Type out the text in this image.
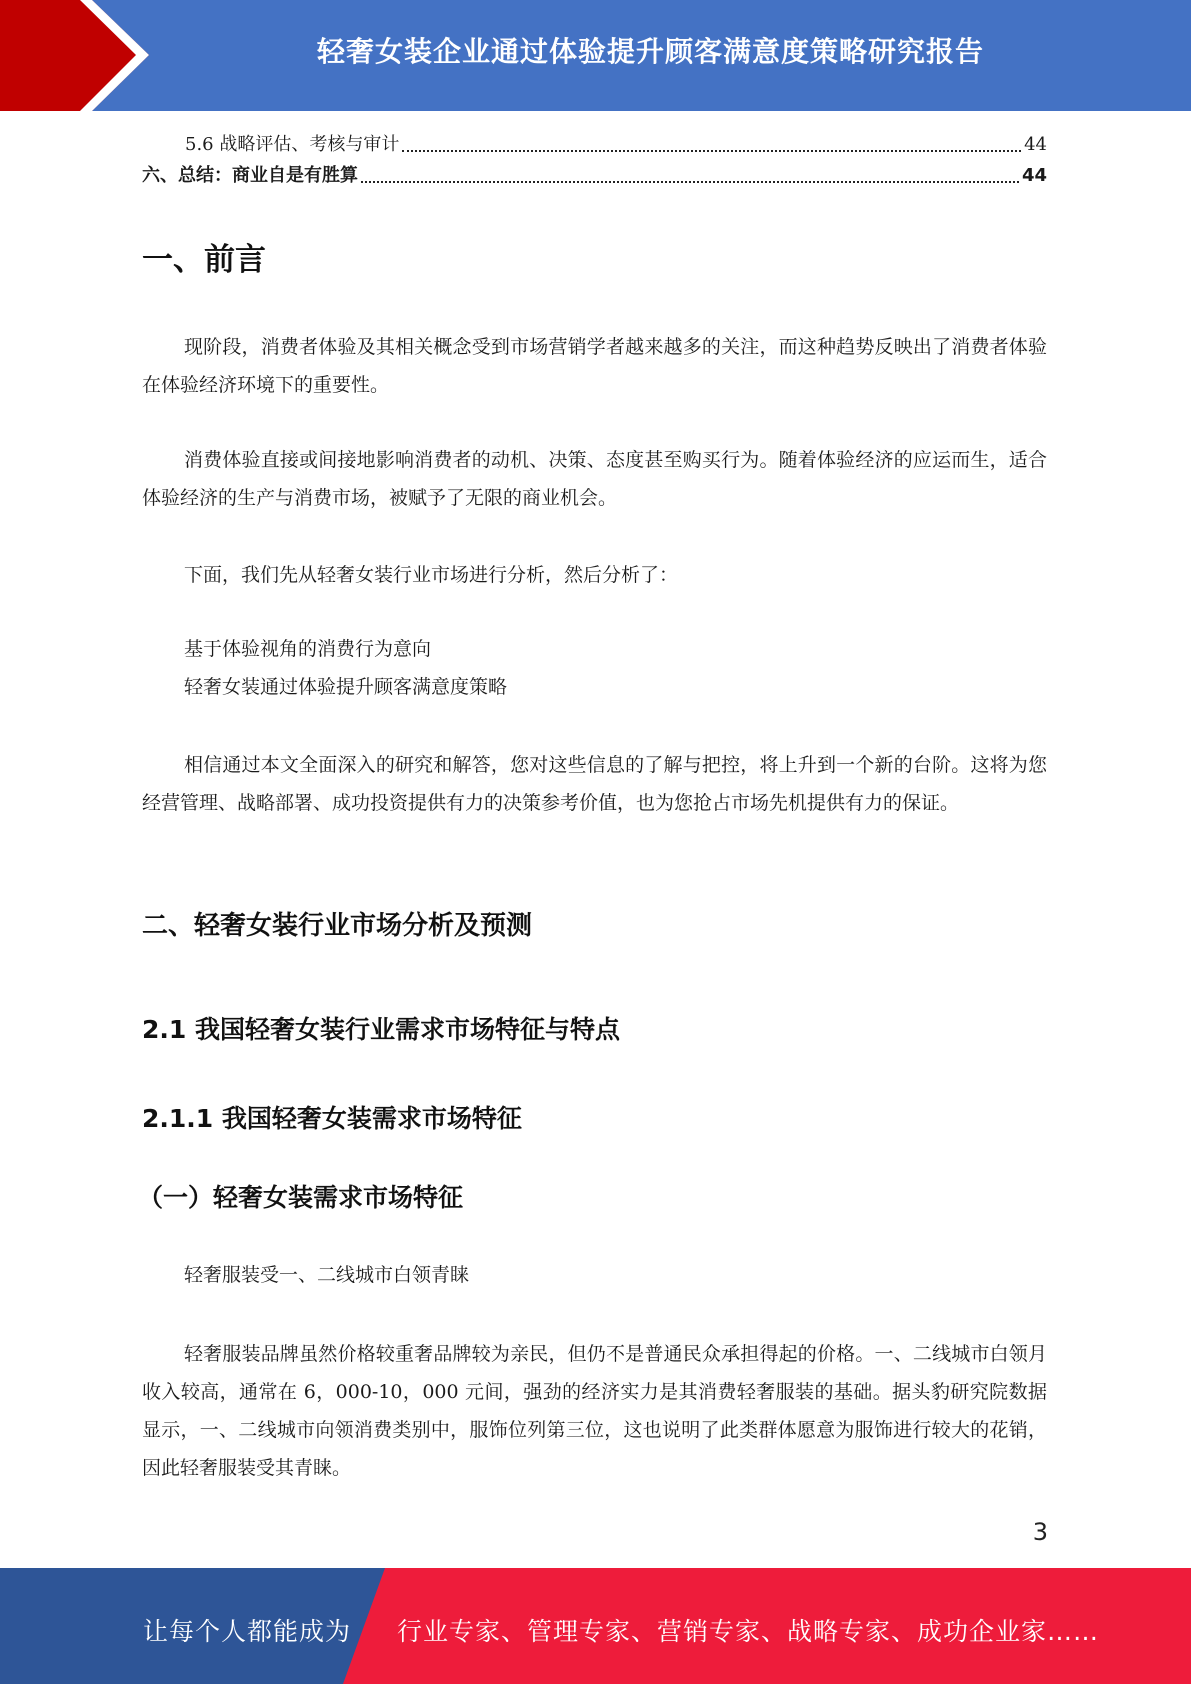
轻奢女装企业通过体验提升顾客满意度策略研究报告
5.6 战略评估、考核与审计	44
六、总结：商业自是有胜算	44
一、前言

现阶段，消费者体验及其相关概念受到市场营销学者越来越多的关注，而这种趋势反映出了消费者体验在体验经济环境下的重要性。

消费体验直接或间接地影响消费者的动机、决策、态度甚至购买行为。随着体验经济的应运而生，适合体验经济的生产与消费市场，被赋予了无限的商业机会。

下面，我们先从轻奢女装行业市场进行分析，然后分析了：

基于体验视角的消费行为意向
轻奢女装通过体验提升顾客满意度策略

相信通过本文全面深入的研究和解答，您对这些信息的了解与把控，将上升到一个新的台阶。这将为您经营管理、战略部署、成功投资提供有力的决策参考价值，也为您抢占市场先机提供有力的保证。

二、轻奢女装行业市场分析及预测
2.1 我国轻奢女装行业需求市场特征与特点
2.1.1 我国轻奢女装需求市场特征
（一）轻奢女装需求市场特征

轻奢服装受一、二线城市白领青睐

轻奢服装品牌虽然价格较重奢品牌较为亲民，但仍不是普通民众承担得起的价格。一、二线城市白领月收入较高，通常在 6，000-10，000 元间，强劲的经济实力是其消费轻奢服装的基础。据头豹研究院数据显示，一、二线城市向领消费类别中，服饰位列第三位，这也说明了此类群体愿意为服饰进行较大的花销，因此轻奢服装受其青睐。

3
让每个人都能成为 行业专家、管理专家、营销专家、战略专家、成功企业家……
